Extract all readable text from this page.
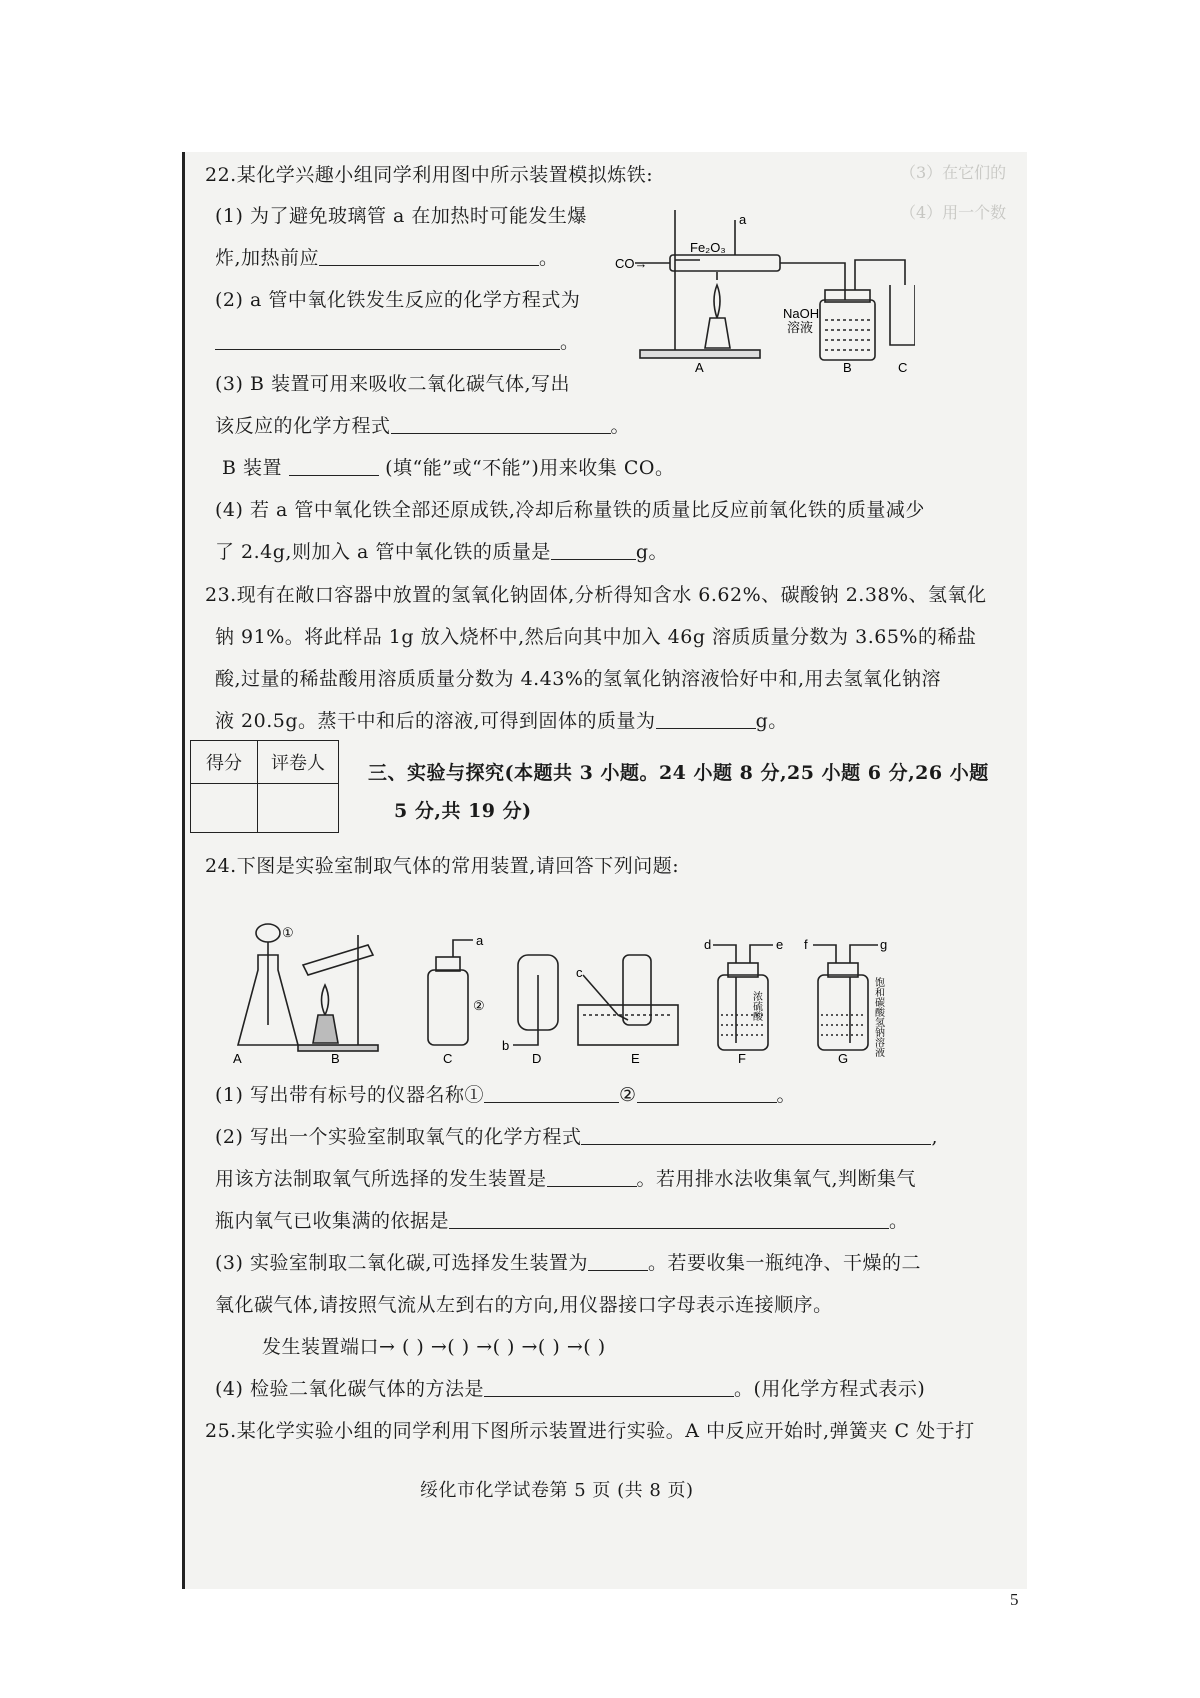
（3）在它们的
（4）用一个数
22.某化学兴趣小组同学利用图中所示装置模拟炼铁:
(1) 为了避免玻璃管 a 在加热时可能发生爆
炸,加热前应	。
(2) a 管中氧化铁发生反应的化学方程式为
。
(3) B 装置可用来吸收二氧化碳气体,写出
该反应的化学方程式	。
B 装置	(填“能”或“不能”)用来收集 CO。
(4) 若 a 管中氧化铁全部还原成铁,冷却后称量铁的质量比反应前氧化铁的质量减少
了 2.4g,则加入 a 管中氧化铁的质量是	g。
CO→
Fe₂O₃
a
NaOH
溶液
A	B	C
23.现有在敞口容器中放置的氢氧化钠固体,分析得知含水 6.62%、碳酸钠 2.38%、氢氧化
钠 91%。将此样品 1g 放入烧杯中,然后向其中加入 46g 溶质质量分数为 3.65%的稀盐
酸,过量的稀盐酸用溶质质量分数为 4.43%的氢氧化钠溶液恰好中和,用去氢氧化钠溶
液 20.5g。蒸干中和后的溶液,可得到固体的质量为	g。
得分	评卷人
	三、实验与探究(本题共 3 小题。24 小题 8 分,25 小题 6 分,26 小题
5 分,共 19 分)
24.下图是实验室制取气体的常用装置,请回答下列问题:
①
②
a
b
c
d	e f	g
浓硫酸	饱和碳酸氢钠溶液
A	B	C	D	E	F	G
(1) 写出带有标号的仪器名称①	②	。
(2) 写出一个实验室制取氧气的化学方程式	,
用该方法制取氧气所选择的发生装置是	。若用排水法收集氧气,判断集气
瓶内氧气已收集满的依据是	。
(3) 实验室制取二氧化碳,可选择发生装置为	。若要收集一瓶纯净、干燥的二
氧化碳气体,请按照气流从左到右的方向,用仪器接口字母表示连接顺序。
发生装置端口→ ( ) →( ) →( ) →( ) →( )
(4) 检验二氧化碳气体的方法是	。(用化学方程式表示)
25.某化学实验小组的同学利用下图所示装置进行实验。A 中反应开始时,弹簧夹 C 处于打
绥化市化学试卷第 5 页 (共 8 页)
5
